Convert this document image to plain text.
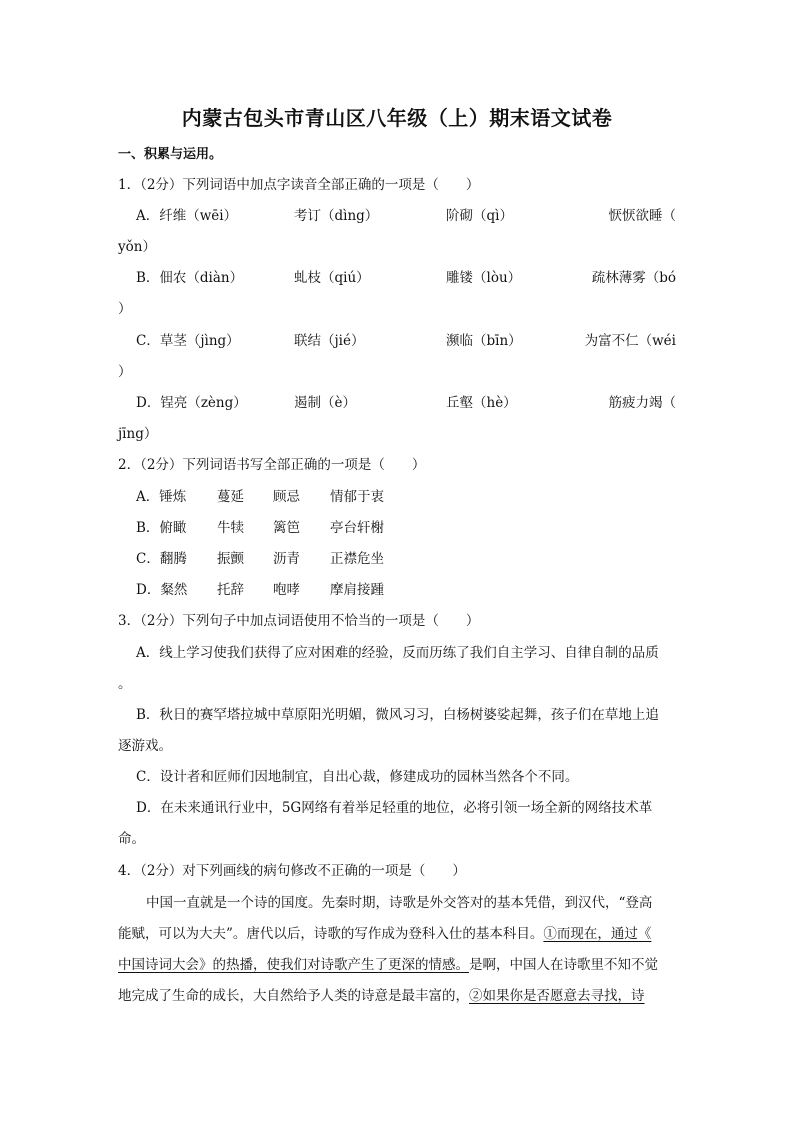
内蒙古包头市青山区八年级（上）期末语文试卷
一、积累与运用。
1．（2分）下列词语中加点字读音全部正确的一项是（　　）
A．纤维（wēi）	考订（dìng）	阶砌（qì）	恹恹欲睡（
yǒn）
B．佃农（diàn）	虬枝（qiú）	雕镂（lòu）	疏林薄雾（bó
）
C．草茎（jìng）	联结（jié）	濒临（bīn）	为富不仁（wéi
）
D．锃亮（zèng）	遏制（è）	丘壑（hè）	筋疲力竭（
jīng）
2．（2分）下列词语书写全部正确的一项是（　　）
A．锤炼 蔓延 顾忌 情郁于衷
B．俯瞰 牛犊 篱笆 亭台轩榭
C．翻腾 振颤 沥青 正襟危坐
D．粲然 托辞 咆哮 摩肩接踵
3．（2分）下列句子中加点词语使用不恰当的一项是（　　）
A．线上学习使我们获得了应对困难的经验，反而历练了我们自主学习、自律自制的品质
。
B．秋日的赛罕塔拉城中草原阳光明媚，微风习习，白杨树婆娑起舞，孩子们在草地上追
逐游戏。
C．设计者和匠师们因地制宜，自出心裁，修建成功的园林当然各个不同。
D．在未来通讯行业中，5G网络有着举足轻重的地位，必将引领一场全新的网络技术革
命。
4．（2分）对下列画线的病句修改不正确的一项是（　　）
中国一直就是一个诗的国度。先秦时期，诗歌是外交答对的基本凭借，到汉代，“登高
能赋，可以为大夫”。唐代以后，诗歌的写作成为登科入仕的基本科目。①而现在，通过《
中国诗词大会》的热播，使我们对诗歌产生了更深的情感。是啊，中国人在诗歌里不知不觉
地完成了生命的成长，大自然给予人类的诗意是最丰富的，②如果你是否愿意去寻找，诗
